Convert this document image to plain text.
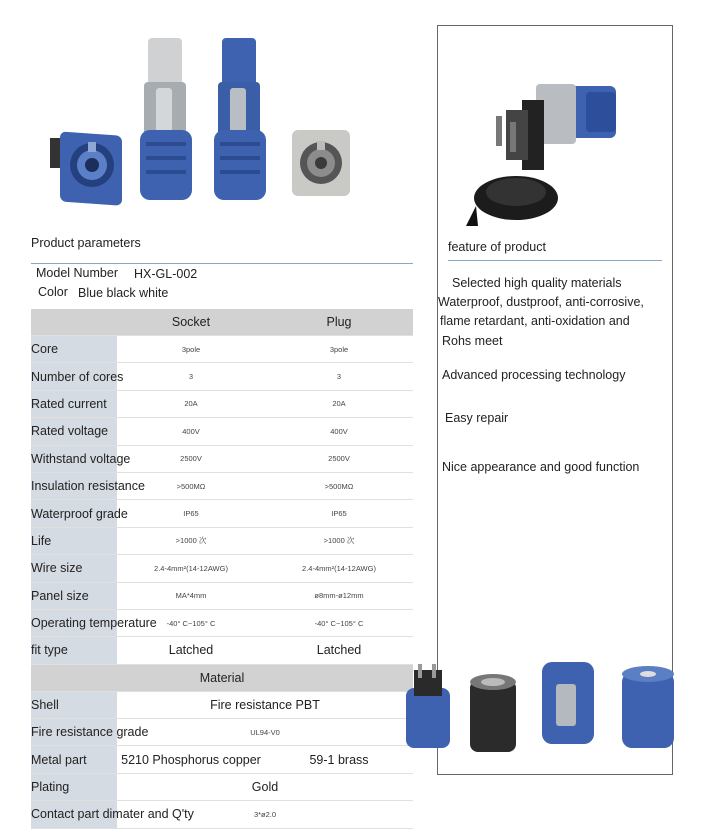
Product parameters
Model Number HX-GL-002
Color Blue black white
	Socket	Plug
Core	3pole	3pole
Number of cores	3	3
Rated current	20A	20A
Rated voltage	400V	400V
Withstand voltage	2500V	2500V
Insulation resistance	>500MΩ	>500MΩ
Waterproof grade	IP65	IP65
Life	>1000 次	>1000 次
Wire size	2.4-4mm²(14-12AWG)	2.4-4mm²(14-12AWG)
Panel size	MA*4mm	ø8mm-ø12mm
Operating temperature	-40° C~105° C	-40° C~105° C
fit type	Latched	Latched
Material		
Shell	Fire resistance PBT	
Fire resistance grade	UL94-V0	
Metal part	5210 Phosphorus copper	59-1 brass
Plating	Gold	
Contact part dimater and Q'ty	3*ø2.0	
feature of product
Selected high quality materials
Waterproof, dustproof, anti-corrosive,
flame retardant, anti-oxidation and
Rohs meet
Advanced processing technology
Easy repair
Nice appearance and good function
